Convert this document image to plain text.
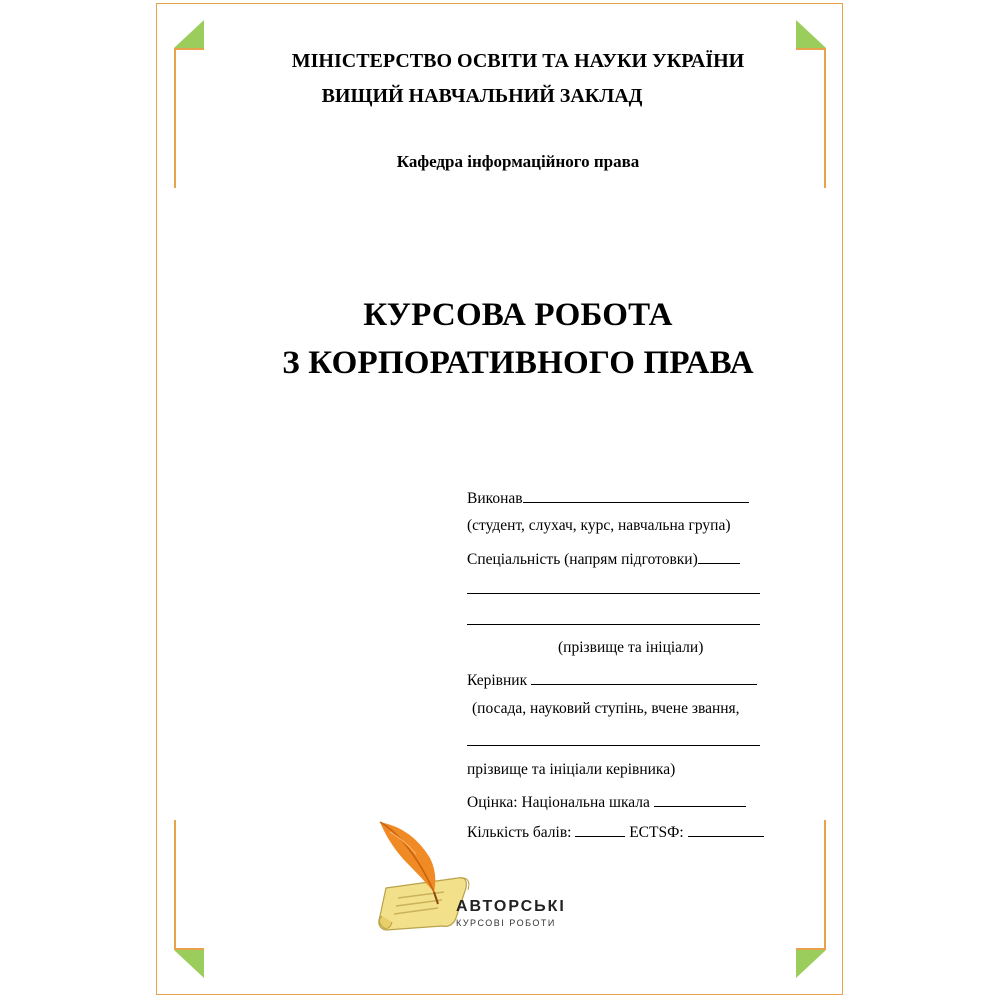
МІНІСТЕРСТВО ОСВІТИ ТА НАУКИ УКРАЇНИ
ВИЩИЙ НАВЧАЛЬНИЙ ЗАКЛАД
Кафедра інформаційного права
КУРСОВА РОБОТА
З КОРПОРАТИВНОГО ПРАВА
Виконав
(студент, слухач, курс, навчальна група)
Спеціальність (напрям підготовки)
(прізвище та ініціали)
Керівник
(посада, науковий ступінь, вчене звання,
прізвище та ініціали керівника)
Оцінка: Національна шкала
Кількість балів:	ECTSФ:
АВТОРСЬКІ
КУРСОВІ РОБОТИ
